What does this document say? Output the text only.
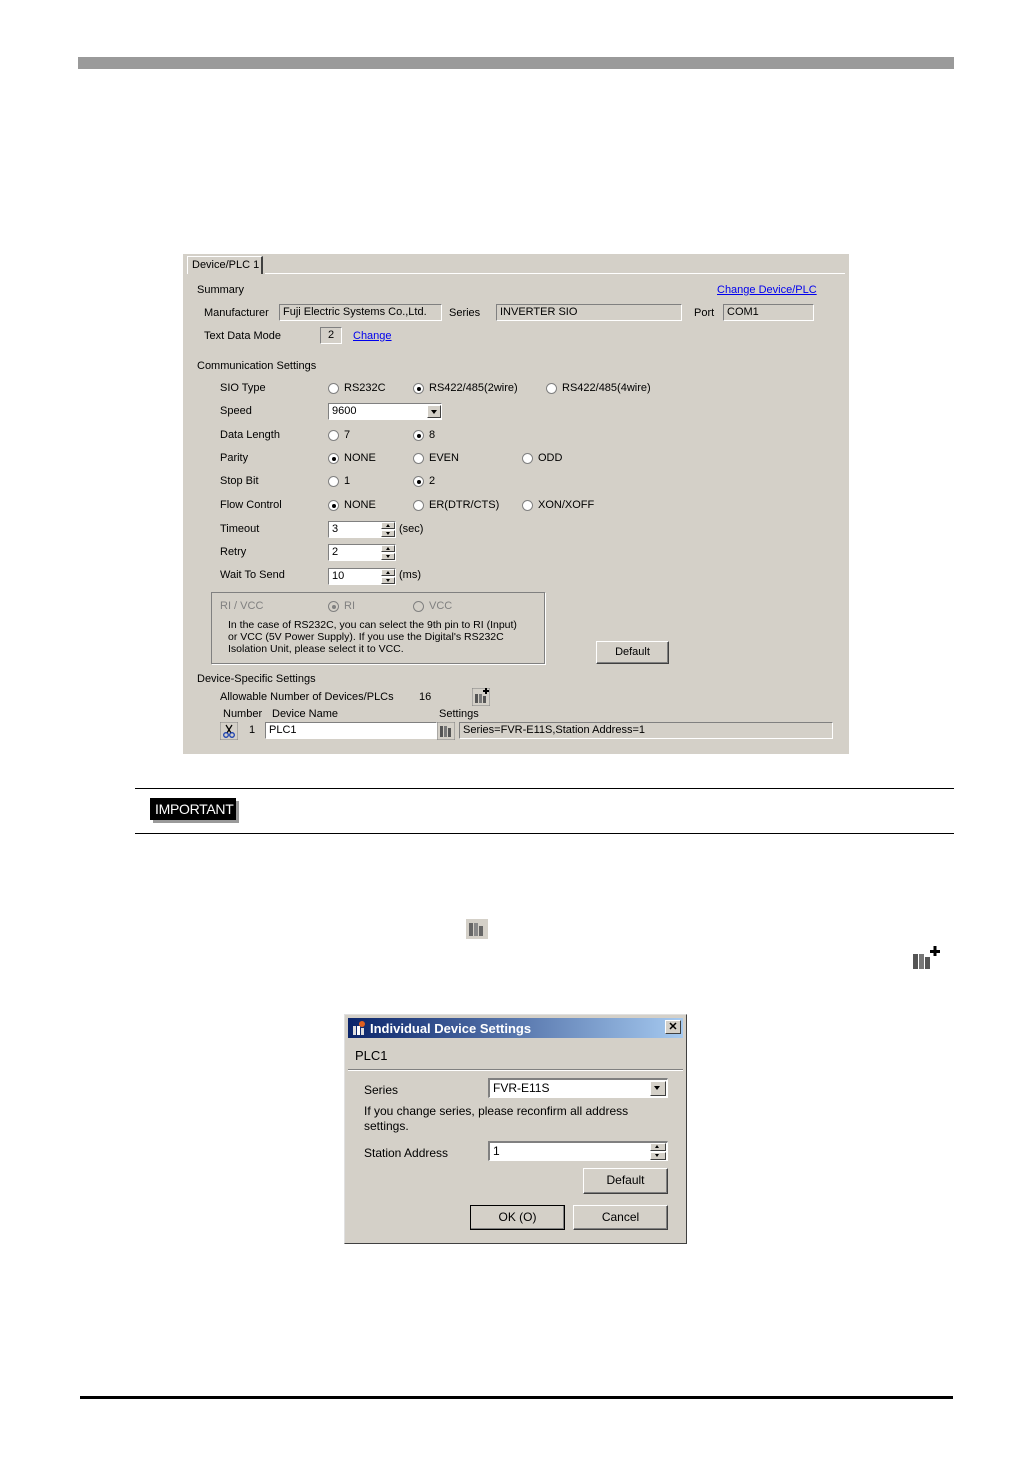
Device/PLC 1
Summary	Change Device/PLC
Manufacturer	Fuji Electric Systems Co.,Ltd.	Series	INVERTER SIO	Port	COM1
Text Data Mode	2	Change
Communication Settings
SIO Type	RS232C	RS422/485(2wire)	RS422/485(4wire)
Speed	9600
Data Length	7	8
Parity	NONE	EVEN	ODD
Stop Bit	1	2
Flow Control	NONE	ER(DTR/CTS)	XON/XOFF
Timeout	3	(sec)
Retry	2
Wait To Send	10	(ms)
RI / VCC	RI	VCC
In the case of RS232C, you can select the 9th pin to RI (Input)
or VCC (5V Power Supply). If you use the Digital's RS232C
Isolation Unit, please select it to VCC.	Default
Device-Specific Settings
Allowable Number of Devices/PLCs 16
Number Device Name	Settings
1	PLC1	Series=FVR-E11S,Station Address=1
IMPORTANT
Individual Device Settings	✕
PLC1
Series	FVR-E11S
If you change series, please reconfirm all address
settings.
Station Address	1
Default
OK (O)	Cancel
